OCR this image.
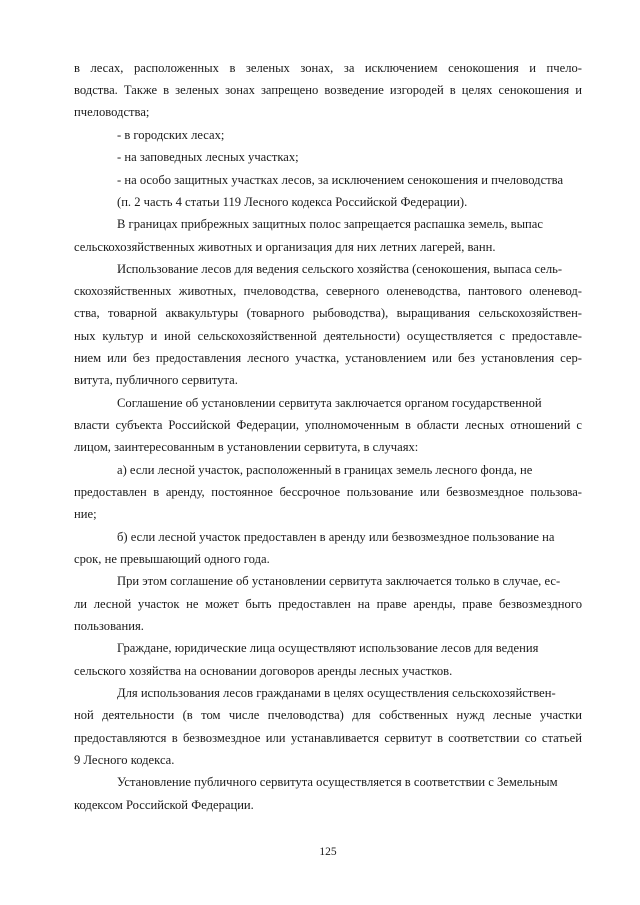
в лесах, расположенных в зеленых зонах, за исключением сенокошения и пчело-
водства. Также в зеленых зонах запрещено возведение изгородей в целях сенокошения и
пчеловодства;
- в городских лесах;
- на заповедных лесных участках;
- на особо защитных участках лесов, за исключением сенокошения и пчеловодства
(п. 2 часть 4 статьи 119 Лесного кодекса Российской Федерации).
В границах прибрежных защитных полос запрещается распашка земель, выпас
сельскохозяйственных животных и организация для них летних лагерей, ванн.
Использование лесов для ведения сельского хозяйства (сенокошения, выпаса сель-
скохозяйственных животных, пчеловодства, северного оленеводства, пантового оленевод-
ства, товарной аквакультуры (товарного рыбоводства), выращивания сельскохозяйствен-
ных культур и иной сельскохозяйственной деятельности) осуществляется с предоставле-
нием или без предоставления лесного участка, установлением или без установления сер-
витута, публичного сервитута.
Соглашение об установлении сервитута заключается органом государственной
власти субъекта Российской Федерации, уполномоченным в области лесных отношений с
лицом, заинтересованным в установлении сервитута, в случаях:
а) если лесной участок, расположенный в границах земель лесного фонда, не
предоставлен в аренду, постоянное бессрочное пользование или безвозмездное пользова-
ние;
б) если лесной участок предоставлен в аренду или безвозмездное пользование на
срок, не превышающий одного года.
При этом соглашение об установлении сервитута заключается только в случае, ес-
ли лесной участок не может быть предоставлен на праве аренды, праве безвозмездного
пользования.
Граждане, юридические лица осуществляют использование лесов для ведения
сельского хозяйства на основании договоров аренды лесных участков.
Для использования лесов гражданами в целях осуществления сельскохозяйствен-
ной деятельности (в том числе пчеловодства) для собственных нужд лесные участки
предоставляются в безвозмездное или устанавливается сервитут в соответствии со статьей
9 Лесного кодекса.
Установление публичного сервитута осуществляется в соответствии с Земельным
кодексом Российской Федерации.
125
